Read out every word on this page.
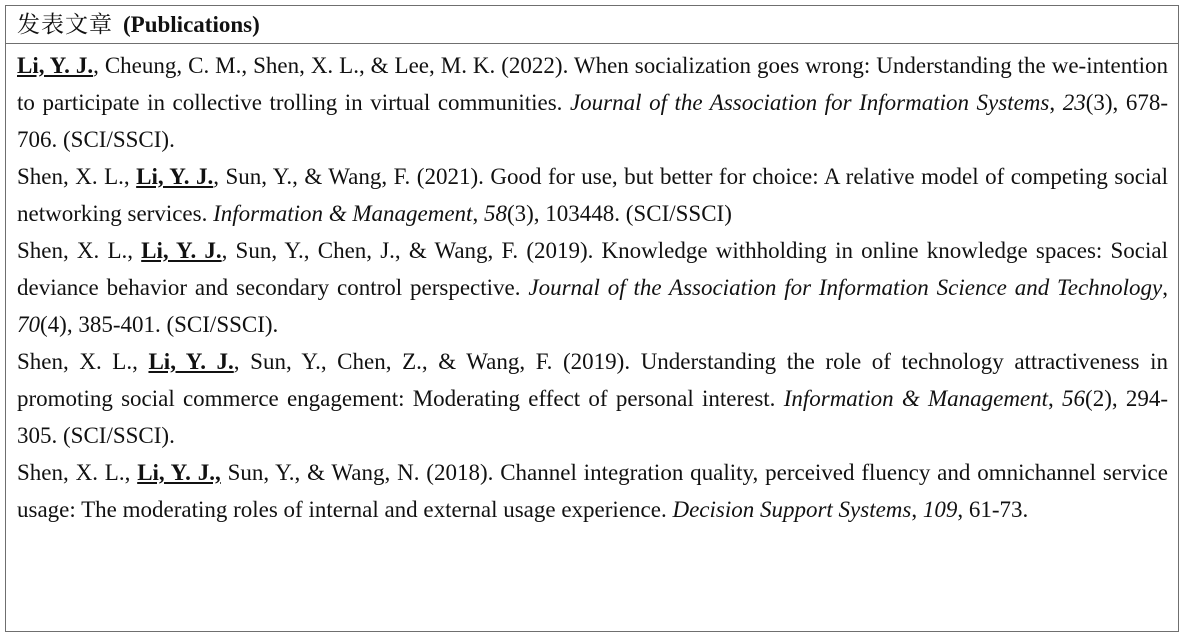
发表文章 (Publications)

Li, Y. J., Cheung, C. M., Shen, X. L., & Lee, M. K. (2022). When socialization goes wrong: Understanding the we-intention to participate in collective trolling in virtual communities. Journal of the Association for Information Systems, 23(3), 678-706. (SCI/SSCI).

Shen, X. L., Li, Y. J., Sun, Y., & Wang, F. (2021). Good for use, but better for choice: A relative model of competing social networking services. Information & Management, 58(3), 103448. (SCI/SSCI)

Shen, X. L., Li, Y. J., Sun, Y., Chen, J., & Wang, F. (2019). Knowledge withholding in online knowledge spaces: Social deviance behavior and secondary control perspective. Journal of the Association for Information Science and Technology, 70(4), 385-401. (SCI/SSCI).

Shen, X. L., Li, Y. J., Sun, Y., Chen, Z., & Wang, F. (2019). Understanding the role of technology attractiveness in promoting social commerce engagement: Moderating effect of personal interest. Information & Management, 56(2), 294-305. (SCI/SSCI).

Shen, X. L., Li, Y. J., Sun, Y., & Wang, N. (2018). Channel integration quality, perceived fluency and omnichannel service usage: The moderating roles of internal and external usage experience. Decision Support Systems, 109, 61-73.
